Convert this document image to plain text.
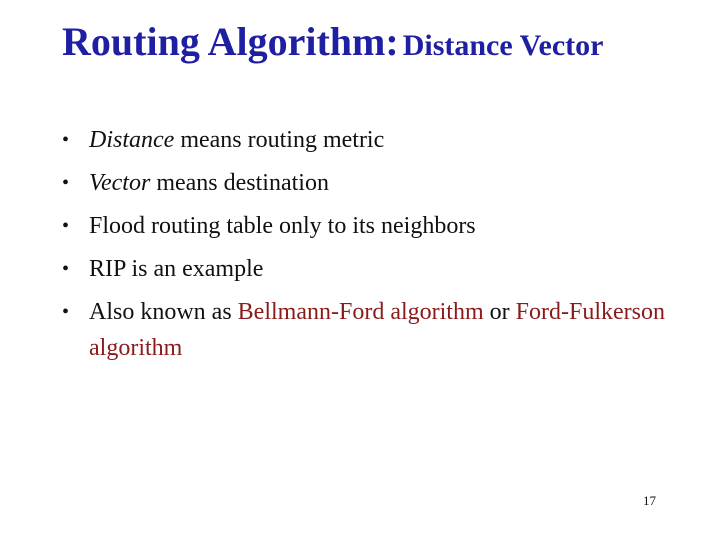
Routing Algorithm: Distance Vector
• Distance means routing metric
• Vector means destination
• Flood routing table only to its neighbors
• RIP is an example
• Also known as Bellmann-Ford algorithm or Ford-Fulkerson algorithm
17
